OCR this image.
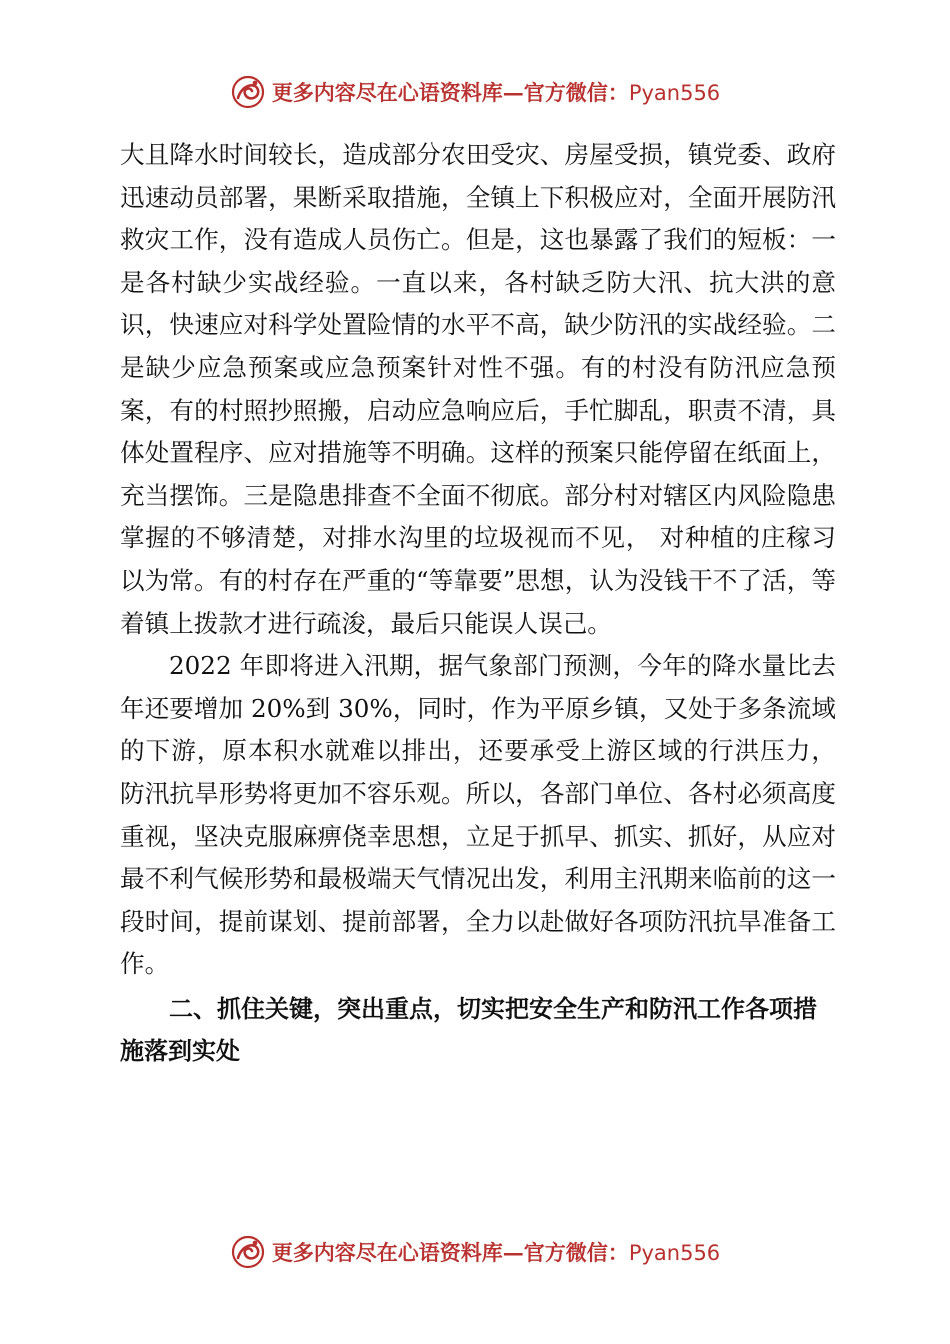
更多内容尽在心语资料库—官方微信：Pyan556

大且降水时间较长，造成部分农田受灾、房屋受损，镇党委、政府迅速动员部署，果断采取措施，全镇上下积极应对，全面开展防汛救灾工作，没有造成人员伤亡。但是，这也暴露了我们的短板：一是各村缺少实战经验。一直以来，各村缺乏防大汛、抗大洪的意识，快速应对科学处置险情的水平不高，缺少防汛的实战经验。二是缺少应急预案或应急预案针对性不强。有的村没有防汛应急预案，有的村照抄照搬，启动应急响应后，手忙脚乱，职责不清，具体处置程序、应对措施等不明确。这样的预案只能停留在纸面上，充当摆饰。三是隐患排查不全面不彻底。部分村对辖区内风险隐患掌握的不够清楚，对排水沟里的垃圾视而不见， 对种植的庄稼习以为常。有的村存在严重的“等靠要”思想，认为没钱干不了活，等着镇上拨款才进行疏浚，最后只能误人误己。

2022 年即将进入汛期，据气象部门预测，今年的降水量比去年还要增加 20%到 30%，同时，作为平原乡镇，又处于多条流域的下游，原本积水就难以排出，还要承受上游区域的行洪压力， 防汛抗旱形势将更加不容乐观。所以，各部门单位、各村必须高度重视，坚决克服麻痹侥幸思想，立足于抓早、抓实、抓好，从应对最不利气候形势和最极端天气情况出发，利用主汛期来临前的这一段时间，提前谋划、提前部署，全力以赴做好各项防汛抗旱准备工作。

二、抓住关键，突出重点，切实把安全生产和防汛工作各项措施落到实处

更多内容尽在心语资料库—官方微信：Pyan556
